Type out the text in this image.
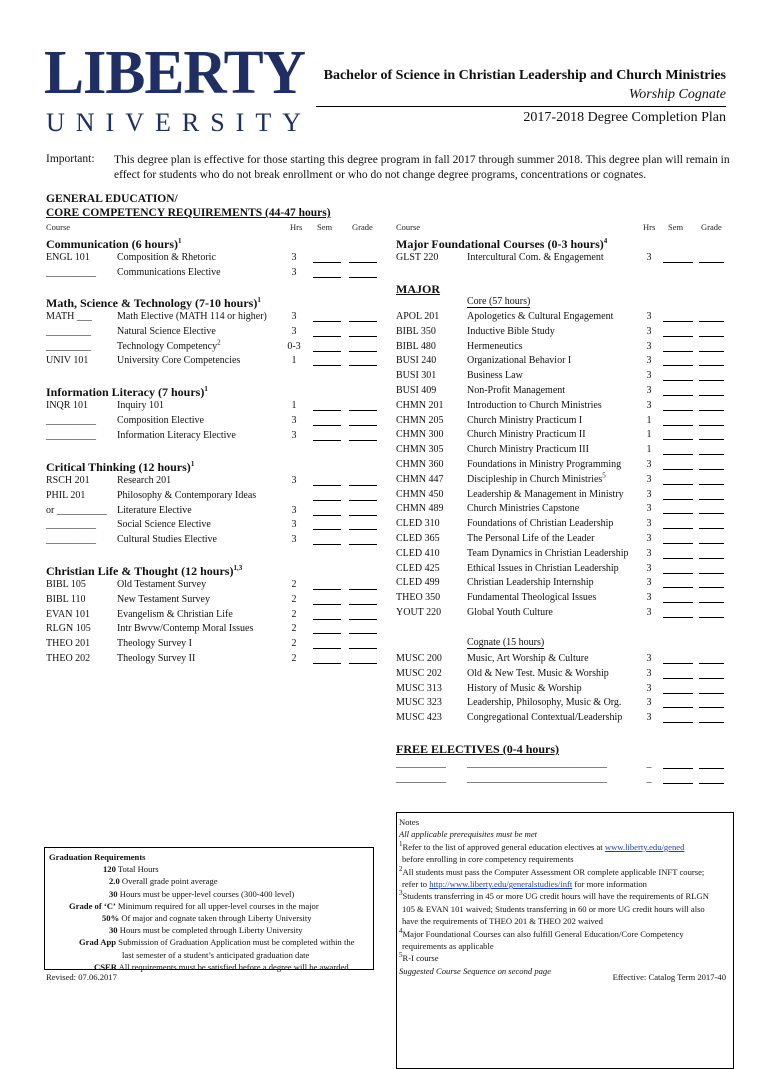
LIBERTY
UNIVERSITY
Bachelor of Science in Christian Leadership and Church Ministries
Worship Cognate
2017-2018 Degree Completion Plan
Important: This degree plan is effective for those starting this degree program in fall 2017 through summer 2018. This degree plan will remain in effect for students who do not break enrollment or who do not change degree programs, concentrations or cognates.
GENERAL EDUCATION/
CORE COMPETENCY REQUIREMENTS (44-47 hours)
Course	Hrs Sem Grade	Course	Hrs Sem Grade
Communication (6 hours)$^1$
ENGL 101	Composition & Rhetoric	3
__________ Communications Elective	3
Math, Science & Technology (7-10 hours)$^1$
MATH ___	Math Elective (MATH 114 or higher)	3
_________	Natural Science Elective	3
_________	Technology Competency$^2$	0-3
UNIV 101	University Core Competencies	1
Information Literacy (7 hours)$^1$
INQR 101	Inquiry 101	1
__________ Composition Elective	3
__________ Information Literacy Elective	3
Critical Thinking (12 hours)$^1$
RSCH 201	Research 201	3
PHIL 201	Philosophy & Contemporary Ideas
or __________ Literature Elective	3
__________ Social Science Elective	3
__________ Cultural Studies Elective	3
Christian Life & Thought (12 hours)$^{1,3}$
BIBL 105	Old Testament Survey	2
BIBL 110	New Testament Survey	2
EVAN 101	Evangelism & Christian Life	2
RLGN 105	Intr Bwvw/Contemp Moral Issues	2
THEO 201	Theology Survey I	2
THEO 202	Theology Survey II	2
Major Foundational Courses (0-3 hours)$^4$
GLST 220	Intercultural Com. & Engagement	3
MAJOR
Core (57 hours)
APOL 201	Apologetics & Cultural Engagement	3
BIBL 350	Inductive Bible Study	3
BIBL 480	Hermeneutics	3
BUSI 240	Organizational Behavior I	3
BUSI 301	Business Law	3
BUSI 409	Non-Profit Management	3
CHMN 201 Introduction to Church Ministries	3
CHMN 205 Church Ministry Practicum I	1
CHMN 300 Church Ministry Practicum II	1
CHMN 305 Church Ministry Practicum III	1
CHMN 360 Foundations in Ministry Programming	3
CHMN 447 Discipleship in Church Ministries$^5$	3
CHMN 450 Leadership & Management in Ministry	3
CHMN 489 Church Ministries Capstone	3
CLED 310	Foundations of Christian Leadership	3
CLED 365	The Personal Life of the Leader	3
CLED 410	Team Dynamics in Christian Leadership	3
CLED 425	Ethical Issues in Christian Leadership	3
CLED 499	Christian Leadership Internship	3
THEO 350	Fundamental Theological Issues	3
YOUT 220	Global Youth Culture	3
Cognate (15 hours)
MUSC 200	Music, Art Worship & Culture	3
MUSC 202	Old & New Test. Music & Worship	3
MUSC 313	History of Music & Worship	3
MUSC 323	Leadership, Philosophy, Music & Org.	3
MUSC 423	Congregational Contextual/Leadership	3
FREE ELECTIVES (0-4 hours)
__________ ____________________________	_
__________ ____________________________	_
Graduation Requirements
120 Total Hours
2.0 Overall grade point average
30 Hours must be upper-level courses (300-400 level)
Grade of ‘C’ Minimum required for all upper-level courses in the major
50% Of major and cognate taken through Liberty University
30 Hours must be completed through Liberty University
Grad App Submission of Graduation Application must be completed within the
last semester of a student’s anticipated graduation date
CSER All requirements must be satisfied before a degree will be awarded
Notes
All applicable prerequisites must be met
$^1$Refer to the list of approved general education electives at www.liberty.edu/gened
before enrolling in core competency requirements
$^2$All students must pass the Computer Assessment OR complete applicable INFT course;
refer to http://www.liberty.edu/generalstudies/inft for more information
$^3$Students transferring in 45 or more UG credit hours will have the requirements of RLGN
105 & EVAN 101 waived; Students transferring in 60 or more UG credit hours will also
have the requirements of THEO 201 & THEO 202 waived
$^4$Major Foundational Courses can also fulfill General Education/Core Competency
requirements as applicable
$^5$R-I course
Suggested Course Sequence on second page
Revised: 07.06.2017	Effective: Catalog Term 2017-40
